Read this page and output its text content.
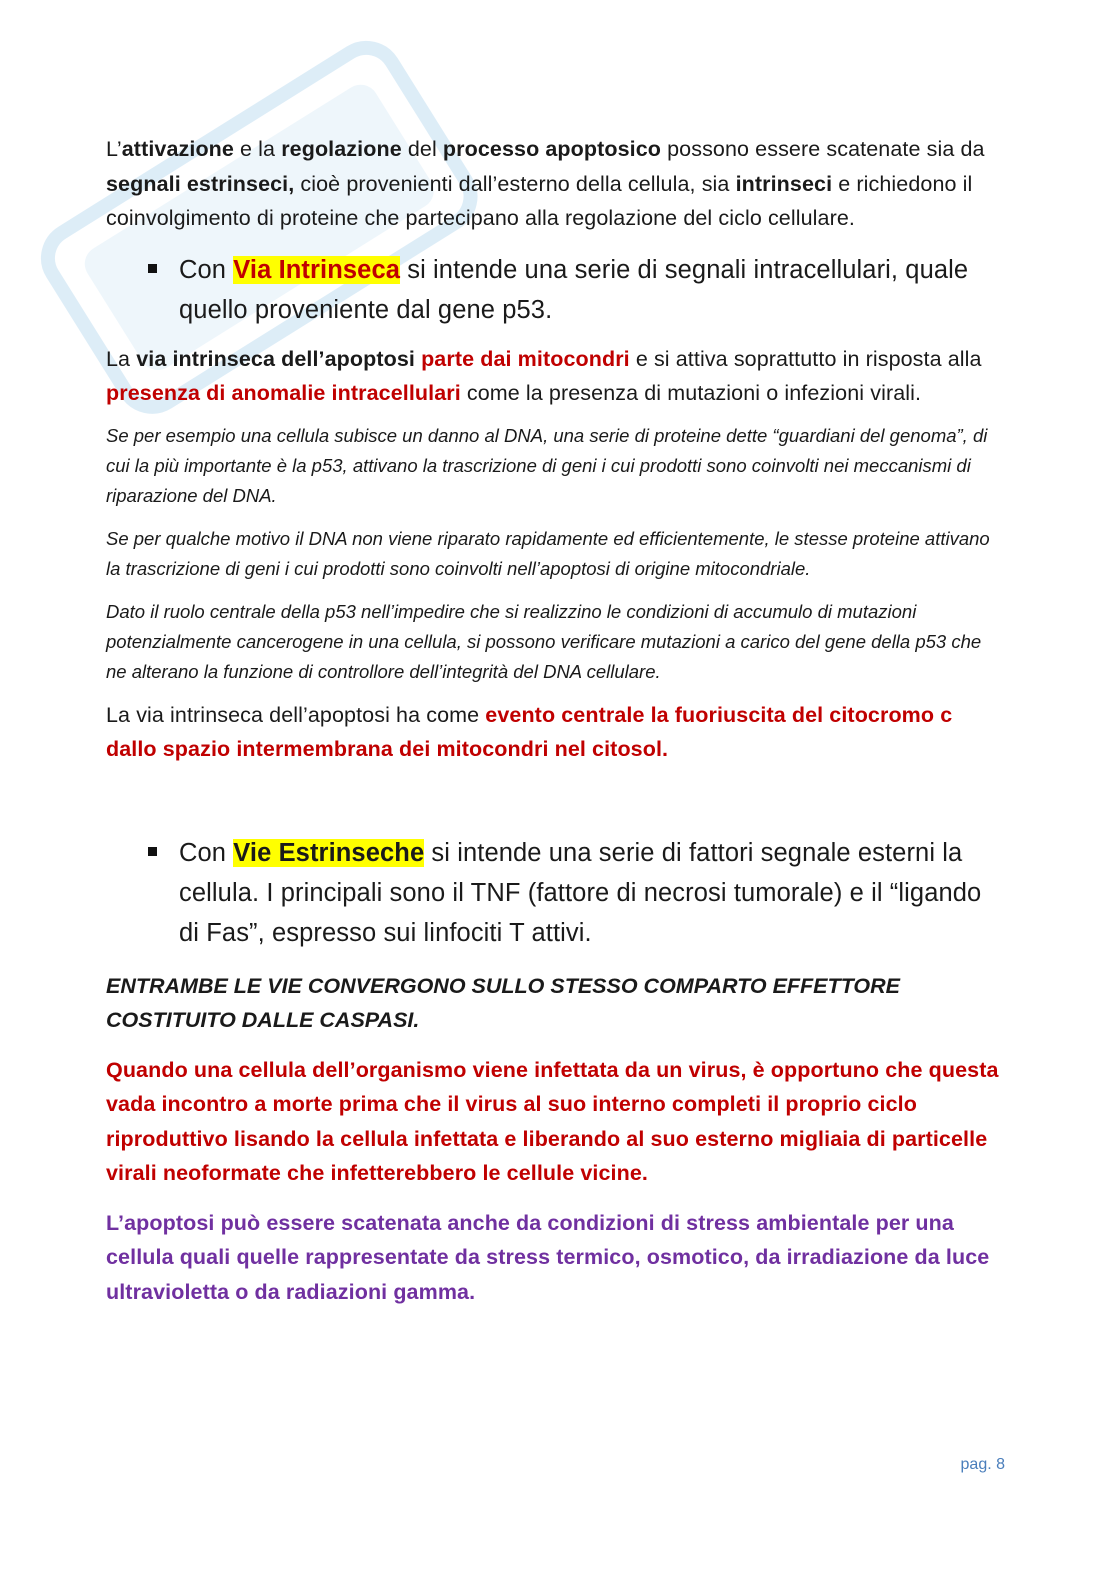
L’attivazione e la regolazione del processo apoptosico possono essere scatenate sia da segnali estrinseci, cioè provenienti dall’esterno della cellula, sia intrinseci e richiedono il coinvolgimento di proteine che partecipano alla regolazione del ciclo cellulare.

Con Via Intrinseca si intende una serie di segnali intracellulari, quale quello proveniente dal gene p53.

La via intrinseca dell’apoptosi parte dai mitocondri e si attiva soprattutto in risposta alla presenza di anomalie intracellulari come la presenza di mutazioni o infezioni virali.

Se per esempio una cellula subisce un danno al DNA, una serie di proteine dette “guardiani del genoma”, di cui la più importante è la p53, attivano la trascrizione di geni i cui prodotti sono coinvolti nei meccanismi di riparazione del DNA.

Se per qualche motivo il DNA non viene riparato rapidamente ed efficientemente, le stesse proteine attivano la trascrizione di geni i cui prodotti sono coinvolti nell’apoptosi di origine mitocondriale.

Dato il ruolo centrale della p53 nell’impedire che si realizzino le condizioni di accumulo di mutazioni potenzialmente cancerogene in una cellula, si possono verificare mutazioni a carico del gene della p53 che ne alterano la funzione di controllore dell’integrità del DNA cellulare.

La via intrinseca dell’apoptosi ha come evento centrale la fuoriuscita del citocromo c dallo spazio intermembrana dei mitocondri nel citosol.

Con Vie Estrinseche si intende una serie di fattori segnale esterni la cellula. I principali sono il TNF (fattore di necrosi tumorale) e il “ligando di Fas”, espresso sui linfociti T attivi.

ENTRAMBE LE VIE CONVERGONO SULLO STESSO COMPARTO EFFETTORE COSTITUITO DALLE CASPASI.

Quando una cellula dell’organismo viene infettata da un virus, è opportuno che questa vada incontro a morte prima che il virus al suo interno completi il proprio ciclo riproduttivo lisando la cellula infettata e liberando al suo esterno migliaia di particelle virali neoformate che infetterebbero le cellule vicine.

L’apoptosi può essere scatenata anche da condizioni di stress ambientale per una cellula quali quelle rappresentate da stress termico, osmotico, da irradiazione da luce ultravioletta o da radiazioni gamma.

pag. 8
